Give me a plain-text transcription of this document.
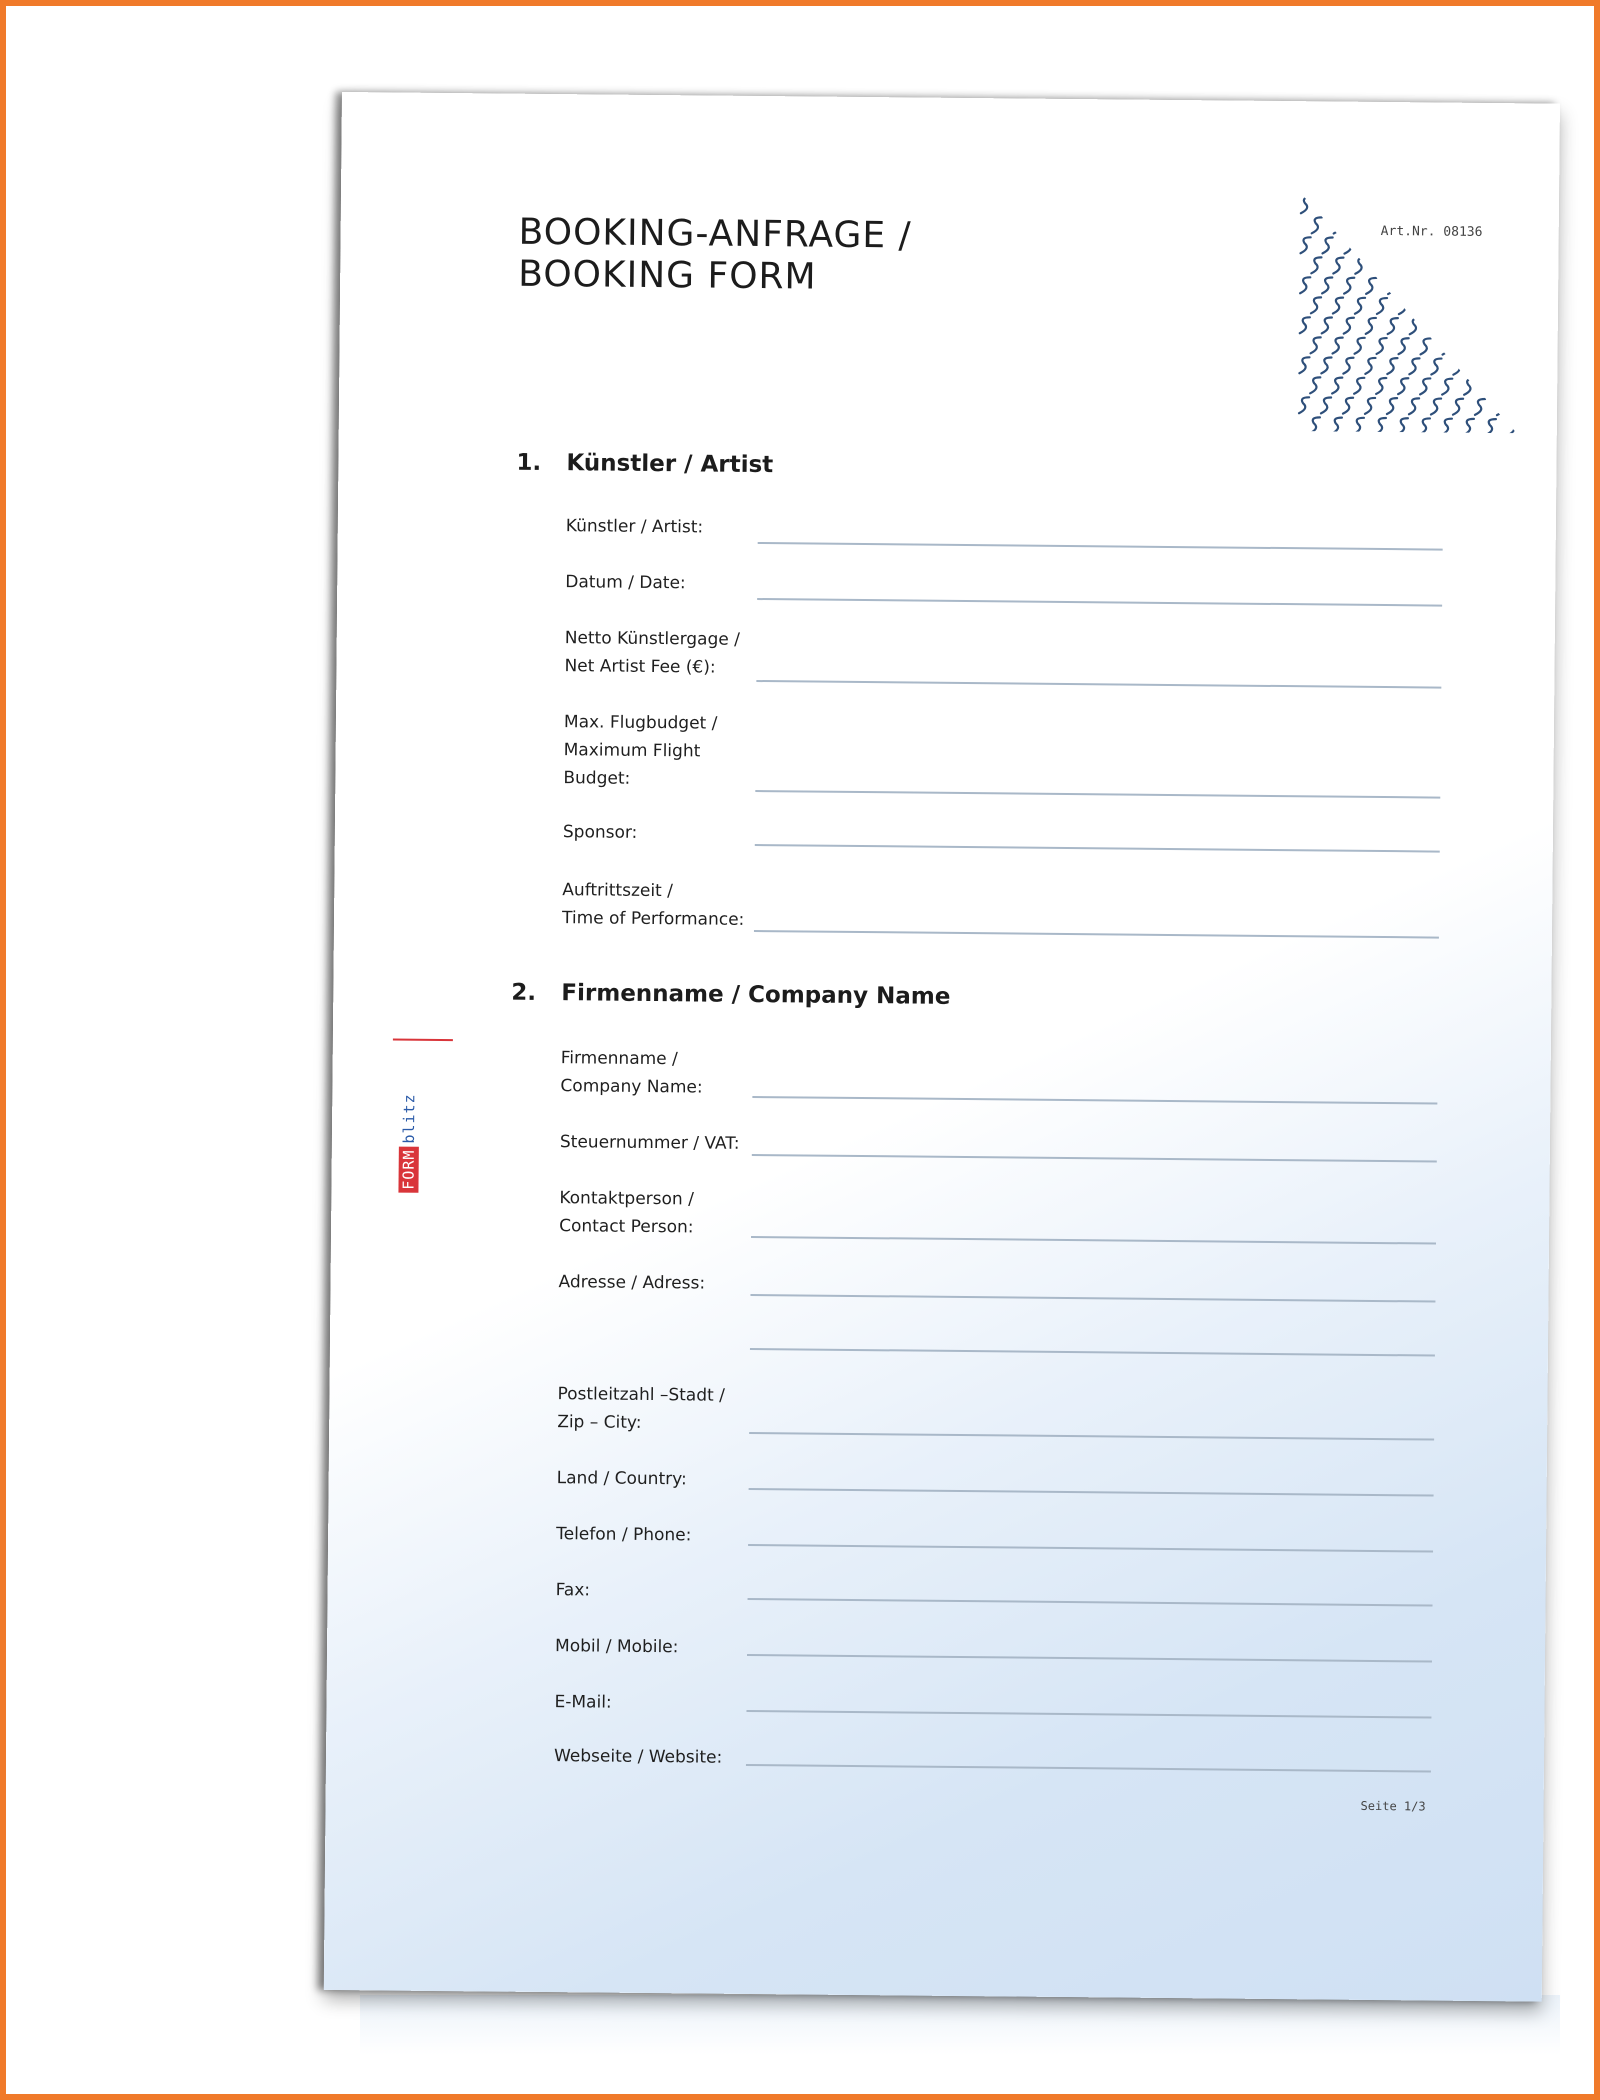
BOOKING-ANFRAGE /
BOOKING FORM
Art.Nr. 08136
1. Künstler / Artist
Künstler / Artist:
Datum / Date:
Netto Künstlergage /
Net Artist Fee (€):
Max. Flugbudget /
Maximum Flight
Budget:
Sponsor:
Auftrittszeit /
Time of Performance:
2. Firmenname / Company Name
Firmenname /
Company Name:
Steuernummer / VAT:
Kontaktperson /
Contact Person:
Adresse / Adress:
Postleitzahl –Stadt /
Zip – City:
Land / Country:
Telefon / Phone:
Fax:
Mobil / Mobile:
E-Mail:
Webseite / Website:
Seite 1/3
FORMblitz
